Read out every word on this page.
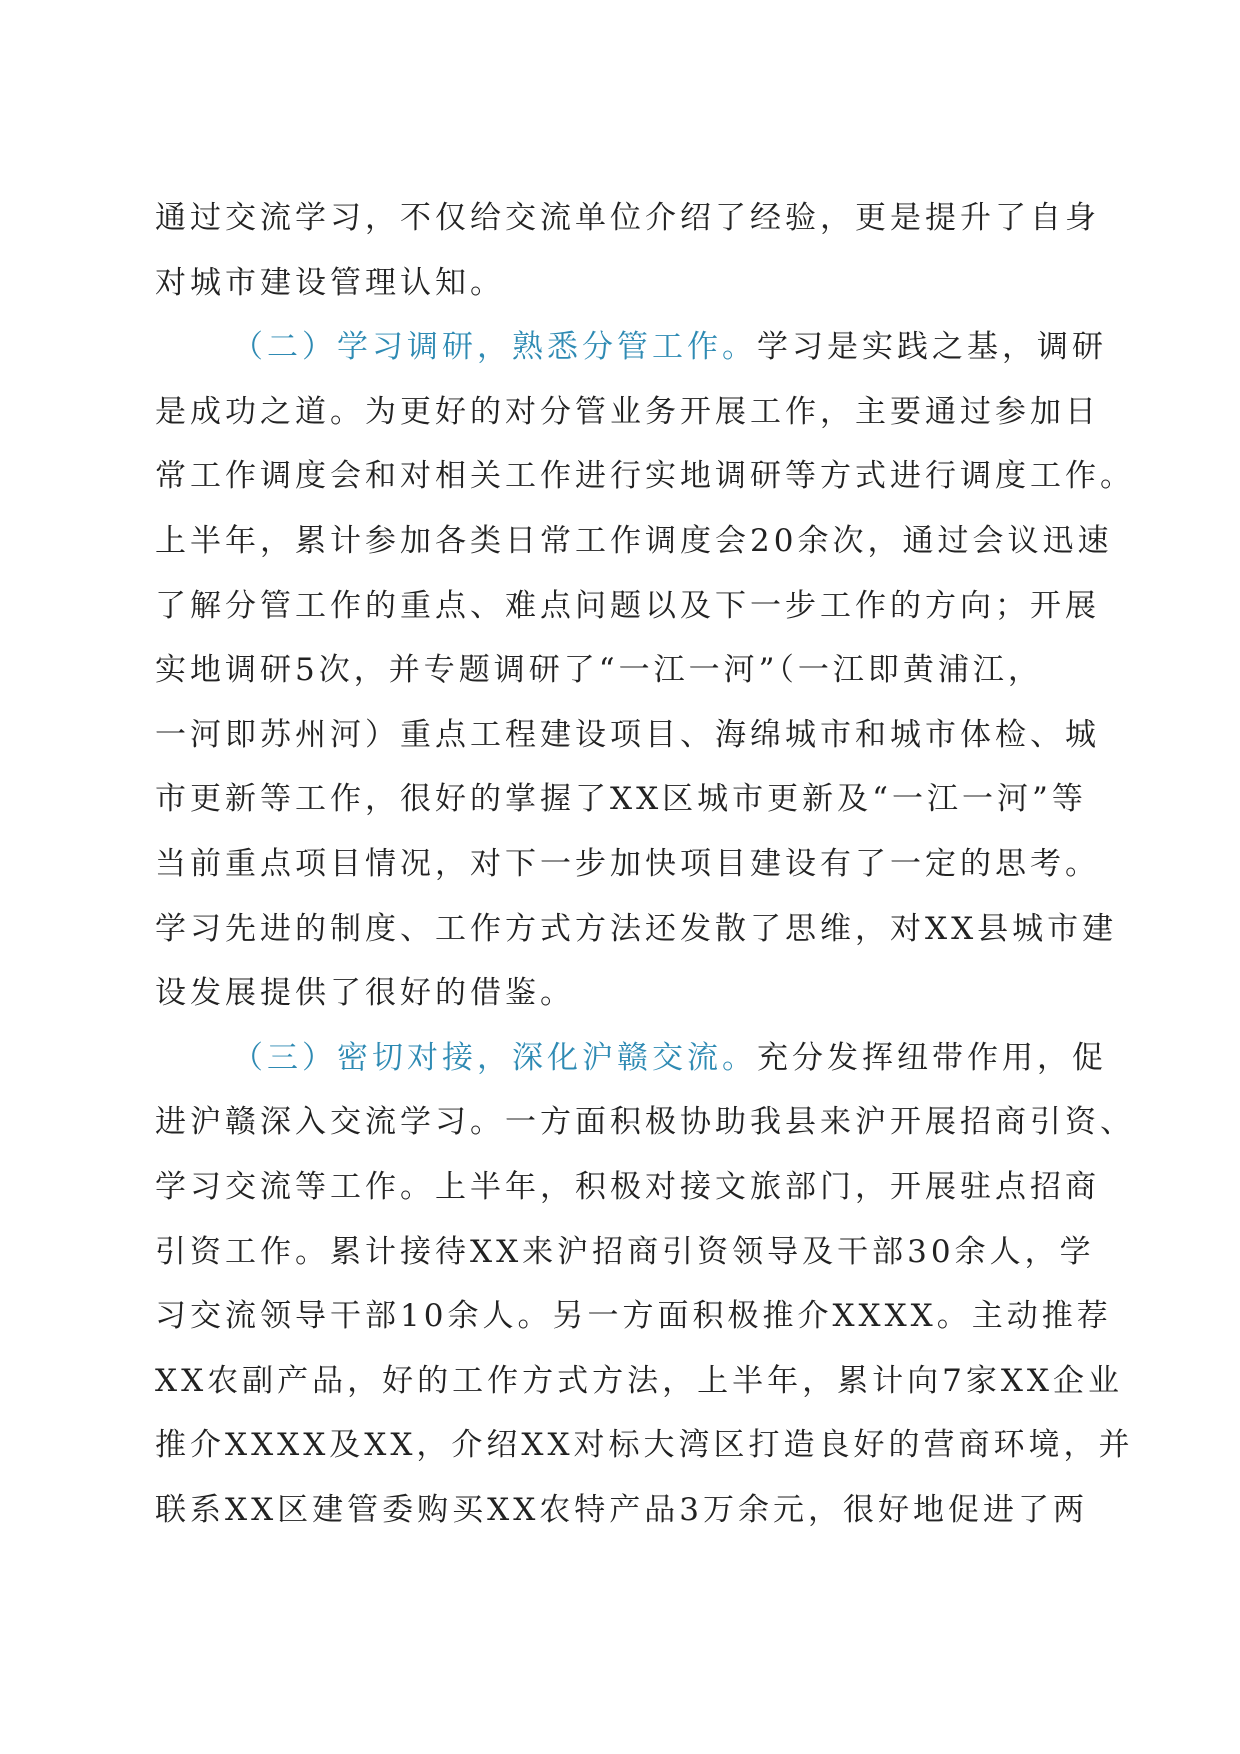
通过交流学习，不仅给交流单位介绍了经验，更是提升了自身
对城市建设管理认知。
（二）学习调研，熟悉分管工作。学习是实践之基，调研
是成功之道。为更好的对分管业务开展工作，主要通过参加日
常工作调度会和对相关工作进行实地调研等方式进行调度工作。
上半年，累计参加各类日常工作调度会20余次，通过会议迅速
了解分管工作的重点、难点问题以及下一步工作的方向；开展
实地调研5次，并专题调研了“一江一河”（一江即黄浦江，
一河即苏州河）重点工程建设项目、海绵城市和城市体检、城
市更新等工作，很好的掌握了XX区城市更新及“一江一河”等
当前重点项目情况，对下一步加快项目建设有了一定的思考。
学习先进的制度、工作方式方法还发散了思维，对XX县城市建
设发展提供了很好的借鉴。
（三）密切对接，深化沪赣交流。充分发挥纽带作用，促
进沪赣深入交流学习。一方面积极协助我县来沪开展招商引资、
学习交流等工作。上半年，积极对接文旅部门，开展驻点招商
引资工作。累计接待XX来沪招商引资领导及干部30余人，学
习交流领导干部10余人。另一方面积极推介XXXX。主动推荐
XX农副产品，好的工作方式方法，上半年，累计向7家XX企业
推介XXXX及XX，介绍XX对标大湾区打造良好的营商环境，并
联系XX区建管委购买XX农特产品3万余元，很好地促进了两
